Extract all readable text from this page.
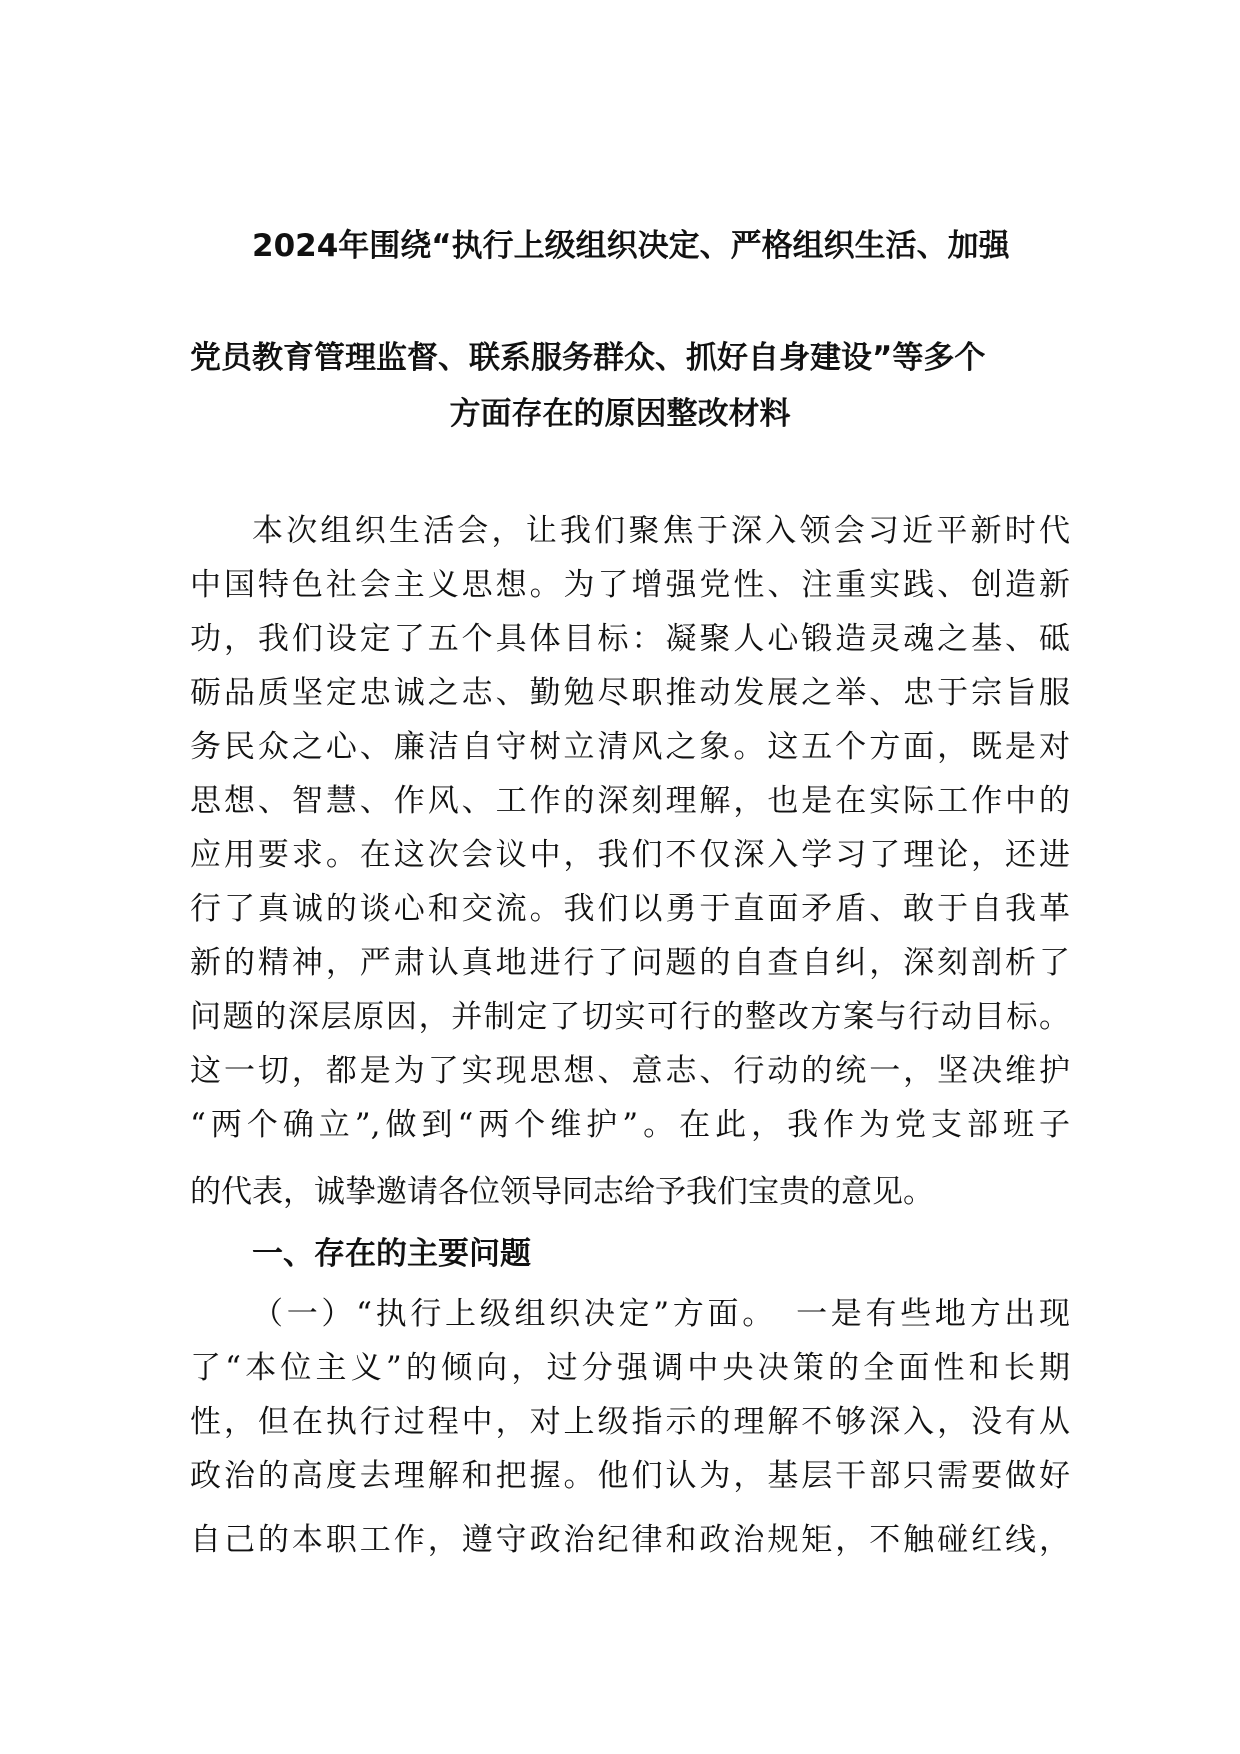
2024年围绕“执行上级组织决定、严格组织生活、加强
党员教育管理监督、联系服务群众、抓好自身建设”等多个
方面存在的原因整改材料
本次组织生活会，让我们聚焦于深入领会习近平新时代
中国特色社会主义思想。为了增强党性、注重实践、创造新
功，我们设定了五个具体目标：凝聚人心锻造灵魂之基、砥
砺品质坚定忠诚之志、勤勉尽职推动发展之举、忠于宗旨服
务民众之心、廉洁自守树立清风之象。这五个方面，既是对
思想、智慧、作风、工作的深刻理解，也是在实际工作中的
应用要求。在这次会议中，我们不仅深入学习了理论，还进
行了真诚的谈心和交流。我们以勇于直面矛盾、敢于自我革
新的精神，严肃认真地进行了问题的自查自纠，深刻剖析了
问题的深层原因，并制定了切实可行的整改方案与行动目标。
这一切，都是为了实现思想、意志、行动的统一，坚决维护
“两个确立”,做到“两个维护”。在此，我作为党支部班子
的代表，诚挚邀请各位领导同志给予我们宝贵的意见。
一、存在的主要问题
（一）“执行上级组织决定”方面。　一是有些地方出现
了“本位主义”的倾向，过分强调中央决策的全面性和长期
性，但在执行过程中，对上级指示的理解不够深入，没有从
政治的高度去理解和把握。他们认为，基层干部只需要做好
自己的本职工作，遵守政治纪律和政治规矩，不触碰红线，
